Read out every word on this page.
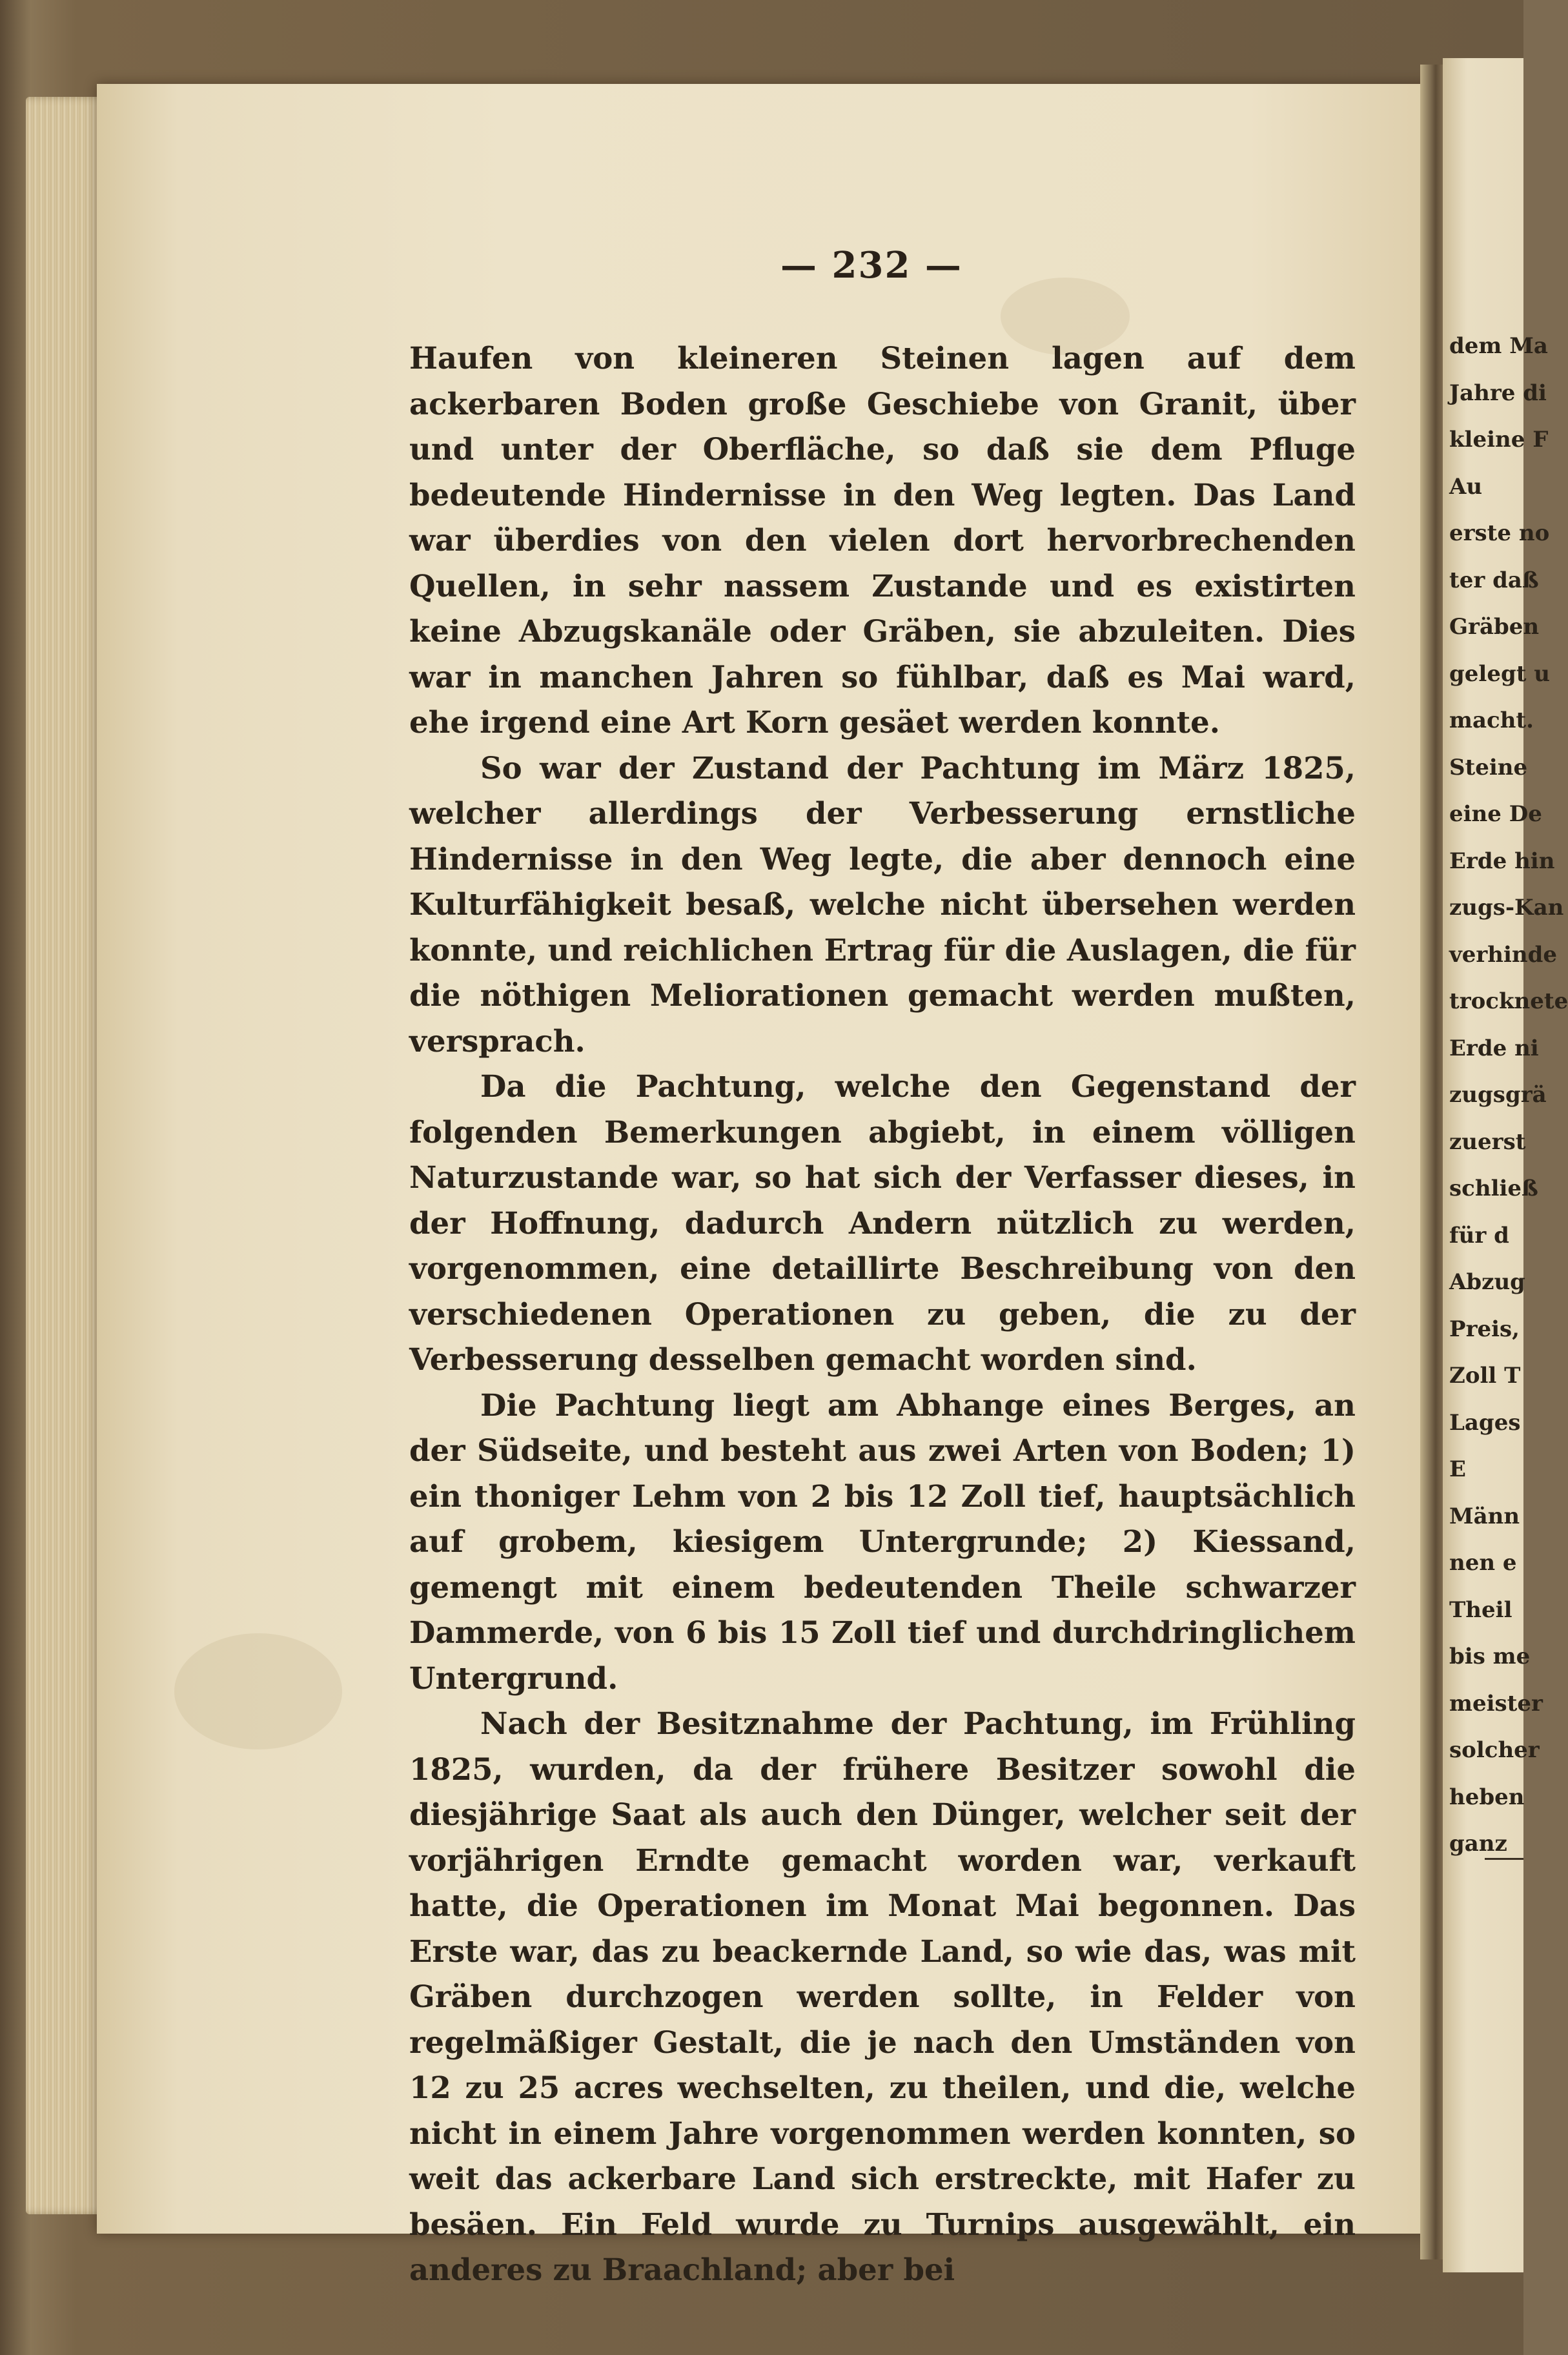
— 232 —

Haufen von kleineren Steinen lagen auf dem ackerbaren Boden große Geschiebe von Granit, über und unter der Oberfläche, so daß sie dem Pfluge bedeutende Hindernisse in den Weg legten. Das Land war überdies von den vielen dort hervorbrechenden Quellen, in sehr nassem Zustande und es existirten keine Abzugskanäle oder Gräben, sie abzuleiten. Dies war in manchen Jahren so fühlbar, daß es Mai ward, ehe irgend eine Art Korn gesäet werden konnte.

So war der Zustand der Pachtung im März 1825, welcher allerdings der Verbesserung ernstliche Hindernisse in den Weg legte, die aber dennoch eine Kulturfähigkeit besaß, welche nicht übersehen werden konnte, und reichlichen Ertrag für die Auslagen, die für die nöthigen Meliorationen gemacht werden mußten, versprach.

Da die Pachtung, welche den Gegenstand der folgenden Bemerkungen abgiebt, in einem völligen Naturzustande war, so hat sich der Verfasser dieses, in der Hoffnung, dadurch Andern nützlich zu werden, vorgenommen, eine detaillirte Beschreibung von den verschiedenen Operationen zu geben, die zu der Verbesserung desselben gemacht worden sind.

Die Pachtung liegt am Abhange eines Berges, an der Südseite, und besteht aus zwei Arten von Boden; 1) ein thoniger Lehm von 2 bis 12 Zoll tief, hauptsächlich auf grobem, kiesigem Untergrunde; 2) Kiessand, gemengt mit einem bedeutenden Theile schwarzer Dammerde, von 6 bis 15 Zoll tief und durchdringlichem Untergrund.

Nach der Besitznahme der Pachtung, im Frühling 1825, wurden, da der frühere Besitzer sowohl die diesjährige Saat als auch den Dünger, welcher seit der vorjährigen Erndte gemacht worden war, verkauft hatte, die Operationen im Monat Mai begonnen. Das Erste war, das zu beackernde Land, so wie das, was mit Gräben durchzogen werden sollte, in Felder von regelmäßiger Gestalt, die je nach den Umständen von 12 zu 25 acres wechselten, zu theilen, und die, welche nicht in einem Jahre vorgenommen werden konnten, so weit das ackerbare Land sich erstreckte, mit Hafer zu besäen. Ein Feld wurde zu Turnips ausgewählt, ein anderes zu Braachland; aber bei

dem Ma
Jahre di
kleine F
Au
erste no
ter daß
Gräben
gelegt u
macht.
Steine
eine De
Erde hin
zugs-Kan
verhinde
trocknete
Erde ni
zugsgrä
zuerst
schließ
für d
Abzug
Preis,
Zoll T
Lages
E
Männ
nen e
Theil
bis me
meister
solcher
heben
ganz
